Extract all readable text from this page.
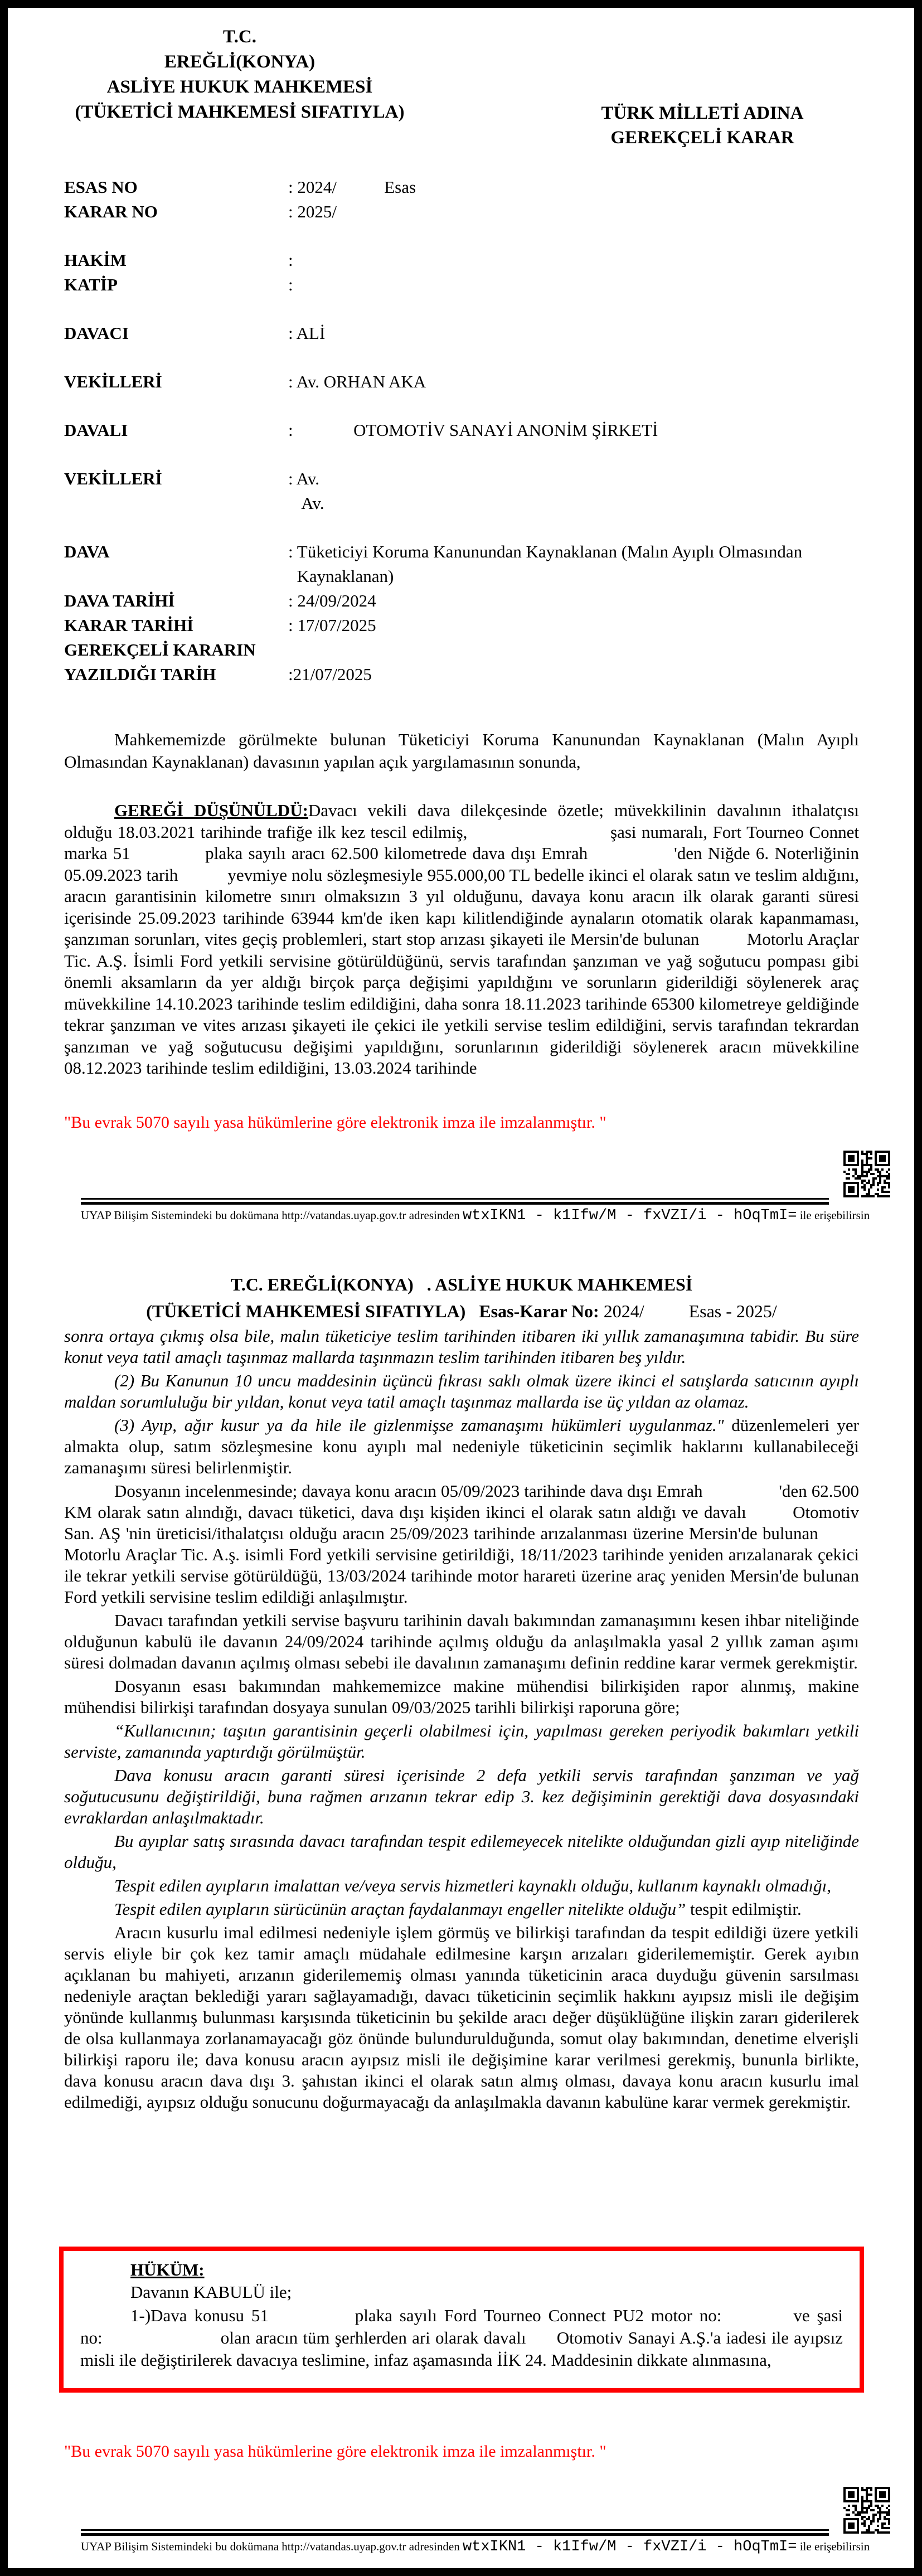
T.C.
EREĞLİ(KONYA)
ASLİYE HUKUK MAHKEMESİ
(TÜKETİCİ MAHKEMESİ SIFATIYLA)	TÜRK MİLLETİ ADINA
GEREKÇELİ KARAR
ESAS NO	: 2024/           Esas
KARAR NO	: 2025/
HAKİM	:
KATİP	:
DAVACI	: ALİ
VEKİLLERİ	: Av. ORHAN AKA
DAVALI	:              OTOMOTİV SANAYİ ANONİM ŞİRKETİ
VEKİLLERİ	: Av.
Av.
DAVA	: Tüketiciyi Koruma Kanunundan Kaynaklanan (Malın Ayıplı Olmasından
Kaynaklanan)
DAVA TARİHİ	: 24/09/2024
KARAR TARİHİ	: 17/07/2025
GEREKÇELİ KARARIN
YAZILDIĞI TARİH	:21/07/2025

Mahkememizde görülmekte bulunan Tüketiciyi Koruma Kanunundan Kaynaklanan (Malın Ayıplı Olmasından Kaynaklanan) davasının yapılan açık yargılamasının sonunda,

GEREĞİ DÜŞÜNÜLDÜ:Davacı vekili dava dilekçesinde özetle; müvekkilinin davalının ithalatçısı olduğu 18.03.2021 tarihinde trafiğe ilk kez tescil edilmiş,                           şasi numaralı, Fort Tourneo Connet marka 51             plaka sayılı aracı 62.500 kilometrede dava dışı Emrah               'den Niğde 6. Noterliğinin 05.09.2023 tarih           yevmiye nolu sözleşmesiyle 955.000,00 TL bedelle ikinci el olarak satın ve teslim aldığını, aracın garantisinin kilometre sınırı olmaksızın 3 yıl olduğunu, davaya konu aracın ilk olarak garanti süresi içerisinde 25.09.2023 tarihinde 63944 km'de iken kapı kilitlendiğinde aynaların otomatik olarak kapanmaması, şanzıman sorunları, vites geçiş problemleri, start stop arızası şikayeti ile Mersin'de bulunan          Motorlu Araçlar Tic. A.Ş. İsimli Ford yetkili servisine götürüldüğünü, servis tarafından şanzıman ve yağ soğutucu pompası gibi önemli aksamların da yer aldığı birçok parça değişimi yapıldığını ve sorunların giderildiği söylenerek araç müvekkiline 14.10.2023 tarihinde teslim edildiğini, daha sonra 18.11.2023 tarihinde 65300 kilometreye geldiğinde tekrar şanzıman ve vites arızası şikayeti ile çekici ile yetkili servise teslim edildiğini, servis tarafından tekrardan şanzıman ve yağ soğutucusu değişimi yapıldığını, sorunlarının giderildiği söylenerek aracın müvekkiline 08.12.2023 tarihinde teslim edildiğini, 13.03.2024 tarihinde

"Bu evrak 5070 sayılı yasa hükümlerine göre elektronik imza ile imzalanmıştır. "
UYAP Bilişim Sistemindeki bu dokümana http://vatandas.uyap.gov.tr adresinden wtxIKN1 - k1Ifw/M - fxVZI/i - hOqTmI= ile erişebilirsin
T.C. EREĞLİ(KONYA)   . ASLİYE HUKUK MAHKEMESİ
(TÜKETİCİ MAHKEMESİ SIFATIYLA)   Esas-Karar No: 2024/          Esas - 2025/

sonra ortaya çıkmış olsa bile, malın tüketiciye teslim tarihinden itibaren iki yıllık zamanaşımına tabidir. Bu süre konut veya tatil amaçlı taşınmaz mallarda taşınmazın teslim tarihinden itibaren beş yıldır.

(2) Bu Kanunun 10 uncu maddesinin üçüncü fıkrası saklı olmak üzere ikinci el satışlarda satıcının ayıplı maldan sorumluluğu bir yıldan, konut veya tatil amaçlı taşınmaz mallarda ise üç yıldan az olamaz.

(3) Ayıp, ağır kusur ya da hile ile gizlenmişse zamanaşımı hükümleri uygulanmaz." düzenlemeleri yer almakta olup, satım sözleşmesine konu ayıplı mal nedeniyle tüketicinin seçimlik haklarını kullanabileceği zamanaşımı süresi belirlenmiştir.

Dosyanın incelenmesinde; davaya konu aracın 05/09/2023 tarihinde dava dışı Emrah                 'den 62.500 KM olarak satın alındığı, davacı tüketici, dava dışı kişiden ikinci el olarak satın aldığı ve davalı        Otomotiv San. AŞ 'nin üreticisi/ithalatçısı olduğu aracın 25/09/2023 tarihinde arızalanması üzerine Mersin'de bulunan         Motorlu Araçlar Tic. A.ş. isimli Ford yetkili servisine getirildiği, 18/11/2023 tarihinde yeniden arızalanarak çekici ile tekrar yetkili servise götürüldüğü, 13/03/2024 tarihinde motor harareti üzerine araç yeniden Mersin'de bulunan Ford yetkili servisine teslim edildiği anlaşılmıştır.

Davacı tarafından yetkili servise başvuru tarihinin davalı bakımından zamanaşımını kesen ihbar niteliğinde olduğunun kabulü ile davanın 24/09/2024 tarihinde açılmış olduğu da anlaşılmakla yasal 2 yıllık zaman aşımı süresi dolmadan davanın açılmış olması sebebi ile davalının zamanaşımı definin reddine karar vermek gerekmiştir.

Dosyanın esası bakımından mahkememizce makine mühendisi bilirkişiden rapor alınmış, makine mühendisi bilirkişi tarafından dosyaya sunulan 09/03/2025 tarihli bilirkişi raporuna göre;

“Kullanıcının; taşıtın garantisinin geçerli olabilmesi için, yapılması gereken periyodik bakımları yetkili serviste, zamanında yaptırdığı görülmüştür.

Dava konusu aracın garanti süresi içerisinde 2 defa yetkili servis tarafından şanzıman ve yağ soğutucusunu değiştirildiği, buna rağmen arızanın tekrar edip 3. kez değişiminin gerektiği dava dosyasındaki evraklardan anlaşılmaktadır.

Bu ayıplar satış sırasında davacı tarafından tespit edilemeyecek nitelikte olduğundan gizli ayıp niteliğinde olduğu,

Tespit edilen ayıpların imalattan ve/veya servis hizmetleri kaynaklı olduğu, kullanım kaynaklı olmadığı,

Tespit edilen ayıpların sürücünün araçtan faydalanmayı engeller nitelikte olduğu” tespit edilmiştir.

Aracın kusurlu imal edilmesi nedeniyle işlem görmüş ve bilirkişi tarafından da tespit edildiği üzere yetkili servis eliyle bir çok kez tamir amaçlı müdahale edilmesine karşın arızaları giderilememiştir. Gerek ayıbın açıklanan bu mahiyeti, arızanın giderilememiş olması yanında tüketicinin araca duyduğu güvenin sarsılması nedeniyle araçtan beklediği yararı sağlayamadığı, davacı tüketicinin seçimlik hakkını ayıpsız misli ile değişim yönünde kullanmış bulunması karşısında tüketicinin bu şekilde aracı değer düşüklüğüne ilişkin zararı giderilerek de olsa kullanmaya zorlanamayacağı göz önünde bulundurulduğunda, somut olay bakımından, denetime elverişli bilirkişi raporu ile; dava konusu aracın ayıpsız misli ile değişimine karar verilmesi gerekmiş, bununla birlikte, dava konusu aracın dava dışı 3. şahıstan ikinci el olarak satın almış olması, davaya konu aracın kusurlu imal edilmediği, ayıpsız olduğu sonucunu doğurmayacağı da anlaşılmakla davanın kabulüne karar vermek gerekmiştir.

HÜKÜM:
Davanın KABULÜ ile;
1-)Dava konusu 51            plaka sayılı Ford Tourneo Connect PU2 motor no:          ve şasi no:                       olan aracın tüm şerhlerden ari olarak davalı      Otomotiv Sanayi A.Ş.'a iadesi ile ayıpsız misli ile değiştirilerek davacıya teslimine, infaz aşamasında İİK 24. Maddesinin dikkate alınmasına,
"Bu evrak 5070 sayılı yasa hükümlerine göre elektronik imza ile imzalanmıştır. "
UYAP Bilişim Sistemindeki bu dokümana http://vatandas.uyap.gov.tr adresinden wtxIKN1 - k1Ifw/M - fxVZI/i - hOqTmI= ile erişebilirsin
